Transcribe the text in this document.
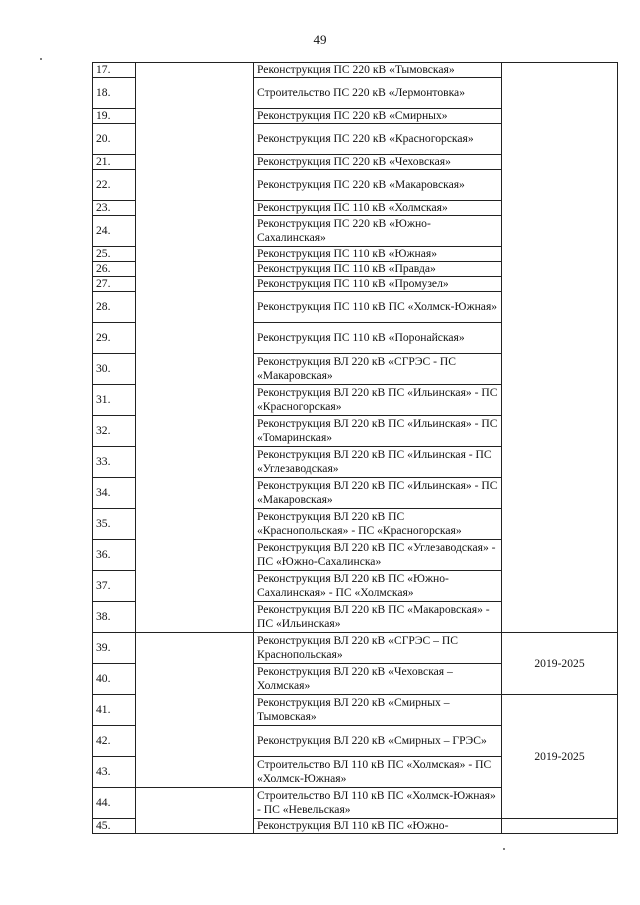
49
17.		Реконструкция ПС 220 кВ «Тымовская»	
18.		Строительство ПС 220 кВ «Лермонтовка»	
19.		Реконструкция ПС 220 кВ «Смирных»	
20.		Реконструкция ПС 220 кВ «Красногорская»	
21.		Реконструкция ПС 220 кВ «Чеховская»	
22.		Реконструкция ПС 220 кВ «Макаровская»	
23.		Реконструкция ПС 110 кВ «Холмская»	
24.		Реконструкция ПС 220 кВ «Южно-Сахалинская»	
25.		Реконструкция ПС 110 кВ «Южная»	
26.		Реконструкция ПС 110 кВ «Правда»	
27.		Реконструкция ПС 110 кВ «Промузел»	
28.		Реконструкция ПС 110 кВ ПС «Холмск-Южная»	
29.		Реконструкция ПС 110 кВ «Поронайская»	
30.		Реконструкция ВЛ 220 кВ «СГРЭС - ПС «Макаровская»	
31.		Реконструкция ВЛ 220 кВ ПС «Ильинская» - ПС «Красногорская»	
32.		Реконструкция ВЛ 220 кВ ПС «Ильинская» - ПС «Томаринская»	
33.		Реконструкция ВЛ 220 кВ ПС «Ильинская - ПС «Углезаводская»	
34.		Реконструкция ВЛ 220 кВ ПС «Ильинская» - ПС «Макаровская»	
35.		Реконструкция ВЛ 220 кВ ПС «Краснопольская» - ПС «Красногорская»	
36.		Реконструкция ВЛ 220 кВ ПС «Углезаводская» - ПС «Южно-Сахалинска»	
37.		Реконструкция ВЛ 220 кВ ПС «Южно-Сахалинская» - ПС «Холмская»	
38.		Реконструкция ВЛ 220 кВ ПС «Макаровская» - ПС «Ильинская»	
39.		Реконструкция ВЛ 220 кВ «СГРЭС – ПС Краснопольская»	2019-2025
40.		Реконструкция ВЛ 220 кВ «Чеховская – Холмская»	
41.		Реконструкция ВЛ 220 кВ «Смирных – Тымовская»	2019-2025
42.		Реконструкция ВЛ 220 кВ «Смирных – ГРЭС»	
43.		Строительство ВЛ 110 кВ ПС «Холмская» - ПС «Холмск-Южная»	
44.		Строительство ВЛ 110 кВ ПС «Холмск-Южная» - ПС «Невельская»	
45.		Реконструкция ВЛ 110 кВ ПС «Южно-	
